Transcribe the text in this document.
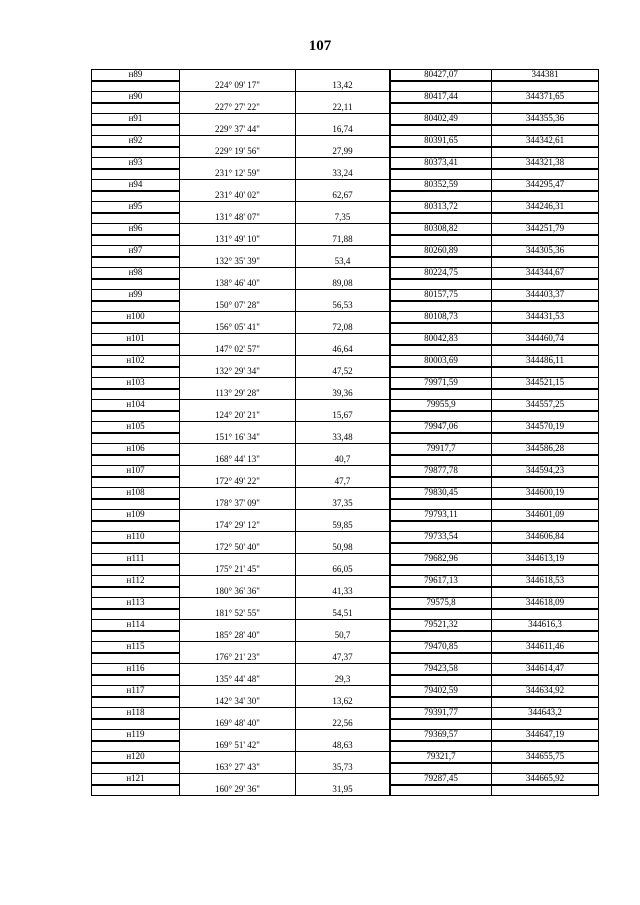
107
н89			80427,07	344381
	224° 09' 17"	13,42		
н90			80417,44	344371,65
	227° 27' 22"	22,11		
н91			80402,49	344355,36
	229° 37' 44"	16,74		
н92			80391,65	344342,61
	229° 19' 56"	27,99		
н93			80373,41	344321,38
	231° 12' 59"	33,24		
н94			80352,59	344295,47
	231° 40' 02"	62,67		
н95			80313,72	344246,31
	131° 48' 07"	7,35		
н96			80308,82	344251,79
	131° 49' 10"	71,88		
н97			80260,89	344305,36
	132° 35' 39"	53,4		
н98			80224,75	344344,67
	138° 46' 40"	89,08		
н99			80157,75	344403,37
	150° 07' 28"	56,53		
н100			80108,73	344431,53
	156° 05' 41"	72,08		
н101			80042,83	344460,74
	147° 02' 57"	46,64		
н102			80003,69	344486,11
	132° 29' 34"	47,52		
н103			79971,59	344521,15
	113° 29' 28"	39,36		
н104			79955,9	344557,25
	124° 20' 21"	15,67		
н105			79947,06	344570,19
	151° 16' 34"	33,48		
н106			79917,7	344586,28
	168° 44' 13"	40,7		
н107			79877,78	344594,23
	172° 49' 22"	47,7		
н108			79830,45	344600,19
	178° 37' 09"	37,35		
н109			79793,11	344601,09
	174° 29' 12"	59,85		
н110			79733,54	344606,84
	172° 50' 40"	50,98		
н111			79682,96	344613,19
	175° 21' 45"	66,05		
н112			79617,13	344618,53
	180° 36' 36"	41,33		
н113			79575,8	344618,09
	181° 52' 55"	54,51		
н114			79521,32	344616,3
	185° 28' 40"	50,7		
н115			79470,85	344611,46
	176° 21' 23"	47,37		
н116			79423,58	344614,47
	135° 44' 48"	29,3		
н117			79402,59	344634,92
	142° 34' 30"	13,62		
н118			79391,77	344643,2
	169° 48' 40"	22,56		
н119			79369,57	344647,19
	169° 51' 42"	48,63		
н120			79321,7	344655,75
	163° 27' 43"	35,73		
н121			79287,45	344665,92
	160° 29' 36"	31,95		
